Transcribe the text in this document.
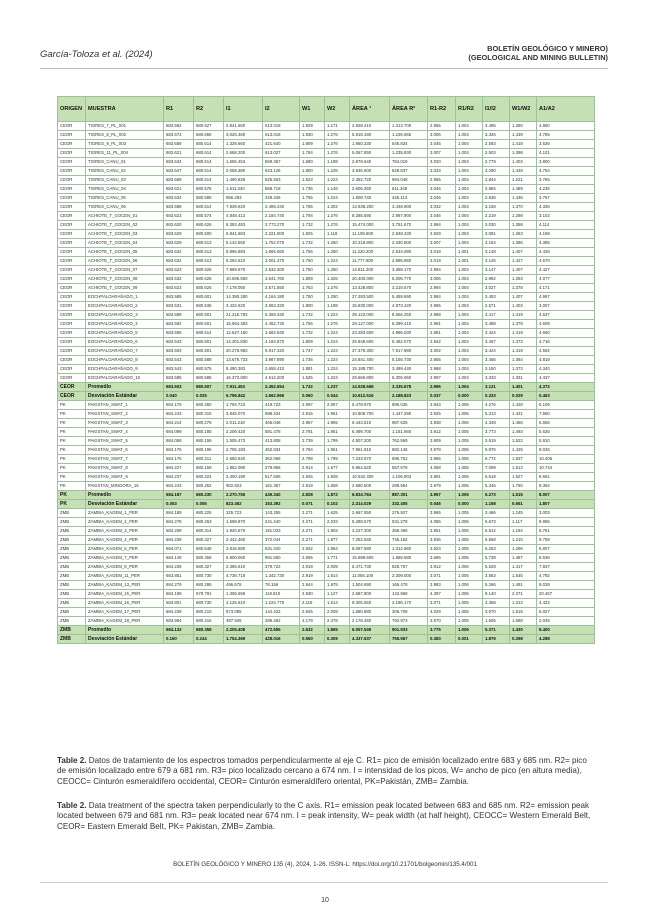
García-Toloza et al. (2024)
BOLETÍN GEOLÓGICO Y MINERO)
(GEOLOGICAL AND MINING BULLETIN)
ORIGEN	MUESTRA	R1	R2	I1	I2	W1	W2	ÁREA ¹	ÁREA R²	R1-R2	R1/R2	I1/I2	W1/W2	A1/A2
CEOR	TIGRES_7_PL_001	683.582	680.627	2.841.650	613.018	1.829	1.171	4.828.410	1.313.700	2.955	1.004	3.495	1.280	4.860
CEOR	TIGRES_8_PL_002	683.672	680.666	3.025.460	613.018	1.830	1.276	5.918.190	1.236.665	3.006	1.004	3.326	1.439	4.785
CEOR	TIGRES_9_PL_003	683.658	680.614	1.329.660	421.640	1.809	1.276	1.960.330	545.834	3.045	1.004	2.593	1.418	3.636
CEOR	TIGRES_11_PL_004	683.621	680.614	2.668.200	613.027	1.784	1.276	5.067.850	1.235.830	3.007	1.004	2.503	1.398	4.101
CEOR	TIGRES_CANU_01	683.634	680.614	1.665.453	669.367	1.680	1.198	2.978.640	784.019	3.020	1.004	2.779	1.403	3.800
CEOR	TIGRES_CANU_02	683.647	680.614	2.059.380	623.126	1.800	1.226	3.946.600	829.537	3.033	1.004	3.290	1.448	4.754
CEOR	TIGRES_CANU_03	683.668	680.614	1.490.828	625.503	1.623	1.224	2.392.720	694.048	2.955	1.004	2.844	1.221	3.765
CEOR	TIGRES_CANU_04	683.621	680.575	1.611.240	558.718	1.736	1.146	2.606.250	611.348	3.046	1.004	2.884	1.489	4.235
CEOR	TIGRES_CANU_05	683.634	680.588	956.283	229.346	1.755	1.224	1.608.740	425.113	3.046	1.004	2.636	1.436	3.767
CEOR	TIGRES_CANU_06	683.688	680.614	7.939.620	2.489.240	1.785	1.302	14.938.200	3.448.900	3.032	1.004	3.168	1.370	4.326
CEOR	ACHIOTE_T_GOCEN_01	683.623	680.574	4.848.413	2.184.740	1.794	1.276	9.285.590	2.987.900	3.046	1.004	2.219	1.298	3.102
CEOR	ACHIOTE_T_GOCEN_02	683.620	680.626	8.393.483	2.773.270	1.732	1.276	15.474.000	3.751.670	2.994	1.004	3.030	1.358	4.114
CEOR	ACHIOTE_T_GOCEN_03	683.629	680.600	6.841.683	2.221.000	1.825	1.118	11.108.600	2.848.430	2.929	1.004	3.081	1.363	4.198
CEOR	ACHIOTE_T_GOCEN_04	683.629	680.613	5.142.550	1.752.070	1.732	1.250	10.218.800	2.330.600	3.007	1.004	3.164	1.386	4.385
CEOR	ACHIOTE_T_GOCEN_05	683.632	680.613	5.896.893	1.665.060	1.756	1.250	11.220.200	2.534.090	3.019	1.001	3.148	1.407	4.428
CEOR	ACHIOTE_T_GOCEN_06	683.632	680.613	6.294.610	2.001.370	1.750	1.224	11.777.800	2.896.850	3.019	1.001	3.145	1.427	4.570
CEOR	ACHIOTE_T_GOCEN_07	683.623	680.626	7.869.670	2.532.200	1.750	1.250	14.811.200	3.368.170	2.994	1.004	3.147	1.407	4.427
CEOR	ACHIOTE_T_GOCEN_08	683.632	680.626	10.596.550	3.641.760	1.809	1.326	20.400.000	5.006.770	3.006	1.004	2.992	1.363	4.077
CEOR	ACHIOTE_T_GOCEN_09	683.623	680.626	7.178.050	2.571.550	1.763	1.276	13.428.800	3.219.570	2.994	1.004	3.027	1.378	4.171
CEOR	EOCHPALOARAÑADO_1	683.585	680.601	14.380.280	4.164.180	1.750	1.250	27.283.500	5.459.690	2.984	1.004	3.453	1.407	4.997
CEOR	EOCHPALOARAÑADO_2	683.531	680.536	3.422.620	3.653.320	1.800	1.198	15.830.000	4.873.420	2.995	1.004	2.571	1.403	3.007
CEOR	EOCHPALOARAÑADO_3	683.589	680.601	21.215.783	6.359.340	1.732	1.224	39.123.000	8.556.250	2.988	1.004	3.417	1.419	4.637
CEOR	EOCHPALOARAÑADO_4	683.582	680.601	15.564.483	4.452.740	1.756	1.276	29.127.000	6.399.410	2.981	1.004	3.488	1.378	4.608
CEOR	EOCHPALOARAÑADO_5	683.595	680.614	12.627.150	3.682.840	1.732	1.224	23.283.600	4.996.030	2.981	1.004	3.424	1.419	4.660
CEOR	EOCHPALOARAÑADO_6	683.543	680.601	14.301.830	4.184.870	1.809	1.224	25.848.600	5.482.070	2.942	1.004	3.457	1.373	4.716
CEOR	EOCHPALOARAÑADO_7	683.603	680.601	20.276.983	5.917.320	1.747	1.224	37.379.300	7.917.980	3.002	1.004	3.424	1.419	4.592
CEOR	EOCHPALOARAÑADO_8	683.543	680.588	13.676.733	3.987.890	1.736	1.224	24.841.400	5.155.730	2.955	1.004	3.456	1.384	4.818
CEOR	EOCHPALOARAÑADO_9	683.543	680.575	8.490.383	2.658.410	1.881	1.224	15.188.700	3.499.440	2.968	1.004	3.160	1.373	4.340
CEOR	EOCHPALOARAÑADO_10	683.585	680.588	16.373.800	4.612.200	1.625	1.224	29.666.800	6.306.060	2.997	1.004	3.333	1.331	4.437
CEOR	Promedio	683.603	680.607	7.911.453	2.452.654	1.732	1.237	14.528.668	3.335.678	2.996	1.004	3.121	1.401	4.372
CEOR	Desviación Estándar	0.040	0.025	5.796.842	1.662.966	0.060	0.044	10.612.516	2.188.823	0.037	0.000	0.333	0.029	0.463
PK	PAKISTAN_SWAT_1	684.179	680.260	1.794.723	419.723	2.997	2.067	5.478.970	896.035	3.943	1.006	4.276	1.428	6.106
PK	PAKISTAN_SWAT_2	684.243	680.315	3.845.070	688.334	2.915	1.961	10.808.700	1.447.290	3.925	1.006	5.313	1.421	7.550
PK	PAKISTAN_SWAT_3	684.214	680.276	2.011.218	465.048	2.957	1.965	6.443.510	987.628	3.938	1.006	4.348	1.466	6.556
PK	PAKISTAN_SWAT_4	684.099	680.185	2.206.420	581.478	2.791	1.951	6.499.700	1.151.660	3.912	1.005	3.773	1.493	5.625
PK	PAKISTAN_SWAT_5	684.068	680.159	1.505.473	413.808	2.739	1.799	4.507.200	762.569	3.909	1.005	3.619	1.522	5.910
PK	PAKISTAN_SWAT_6	684.176	680.196	2.706.183	452.834	2.794	1.961	7.961.810	882.146	3.979	1.006	5.976	1.425	9.026
PK	PAKISTAN_SWAT_7	684.176	680.211	2.650.640	362.068	2.798	1.799	7.233.570	695.752	3.965	1.006	6.772	1.837	10.406
PK	PAKISTAN_SWAT_8	684.227	680.159	1.862.080	279.956	2.914	1.677	5.964.520	557.578	4.068	1.006	7.099	1.513	10.744
PK	PAKISTAN_SWAT_9	684.237	680.224	3.300.190	517.506	2.945	1.928	10.532.400	1.106.903	3.981	1.006	5.618	1.527	8.661
PK	PAKISTAN_MINGORA_16	684.243	680.262	902.823	181.367	2.819	1.658	2.680.500	298.964	3.979	1.006	5.346	1.750	9.364
PK	Promedio	684.187	680.230	2.270.755	449.340	2.828	1.872	6.834.784	887.301	3.957	1.006	5.273	1.515	8.007
PK	Desviación Estándar	0.053	0.055	823.462	153.392	0.071	0.102	2.314.029	332.405	0.046	0.000	1.168	0.651	1.807
ZMB	ZAMBIA_KAGEM_1_PER	684.189	680.225	325.723	143.255	2.271	1.625	2.667.550	276.927	3.965	1.005	3.466	1.245	3.003
ZMB	ZAMBIA_KAGEM_2_PER	684.278	680.263	1.598.870	241.440	2.271	2.033	5.288.570	531.278	4.086	1.006	6.673	1.117	9.955
ZMB	ZAMBIA_KAGEM_3_PER	684.269	680.314	1.920.670	191.033	2.271	1.903	3.227.300	358.466	3.951	1.006	5.612	1.194	8.761
ZMB	ZAMBIA_KAGEM_4_PER	684.239	680.327	2.442.460	372.044	2.271	1.877	7.252.540	745.182	3.936	1.006	6.568	1.210	9.758
ZMB	ZAMBIA_KAGEM_6_PER	684.071	680.548	3.816.680	631.340	2.932	1.964	8.087.580	1.312.960	3.523	1.005	5.253	1.296	6.807
ZMB	ZAMBIA_KAGEM_7_PER	684.149	680.458	5.800.060	991.650	2.695	1.771	15.998.500	1.859.580	3.686	1.005	5.738	1.487	8.636
ZMB	ZAMBIA_KAGEM_8_PER	684.239	680.327	2.365.610	379.722	2.919	2.009	6.471.730	825.767	3.912	1.006	5.628	1.417	7.837
ZMB	ZAMBIA_KAGEM_11_PER	683.881	680.730	4.736.718	1.342.730	2.919	1.614	11.056.100	2.309.000	3.071	1.005	3.563	1.545	4.792
ZMB	ZAMBIA_KAGEM_13_PER	684.279	680.295	496.678	78.156	2.944	1.975	1.504.690	166.478	3.983	1.006	6.266	1.491	9.038
ZMB	ZAMBIA_KAGEM_15_PER	684.189	679.791	1.306.659	119.910	2.930	1.127	2.687.800	143.868	4.397	1.006	9.140	2.271	20.467
ZMB	ZAMBIA_KAGEM_16_PER	683.801	680.730	4.125.610	1.224.770	2.119	1.614	9.305.550	2.196.170	3.071	1.005	3.368	1.313	4.422
ZMB	ZAMBIA_KAGEM_17_PER	684.239	680.210	573.085	144.422	2.845	2.008	1.580.880	306.708	4.029	1.006	3.970	1.518	6.027
ZMB	ZAMBIA_KAGEM_18_PER	683.984	680.416	487.505	289.462	4.179	2.478	2.178.450	792.973	3.570	1.005	1.606	1.688	2.045
ZMB	Promedio	684.132	680.358	2.205.408	472.655	2.632	1.865	6.057.549	901.933	3.775	1.006	5.371	1.430	8.400
ZMB	Desviación Estándar	0.160	0.244	1.754.369	428.016	0.550	0.309	4.337.637	755.567	0.383	0.001	1.879	0.298	4.288
Table 2. Datos de tratamiento de los espectros tomados perpendicularmente al eje C. R1= pico de emisión localizado entre 683 y 685 nm. R2= pico de emisión localizado entre 679 a 681 nm. R3= pico localizado cercano a 674 nm. I = intensidad de los picos, W= ancho de pico (en altura media), CEOCC= Cinturón esmeraldífero occidental, CEOR= Cinturón esmeraldífero oriental, PK=Pakistán, ZMB= Zambia.
Table 2. Data treatment of the spectra taken perpendicularly to the C axis. R1= emission peak located between 683 and 685 nm. R2= emission peak located between 679 and 681 nm. R3= peak located near 674 nm. I = peak intensity, W= peak width (at half height), CEOCC= Western Emerald Belt, CEOR= Eastern Emerald Belt, PK= Pakistan, ZMB= Zambia.
BOLETÍN GEOLÓGICO Y MINERO 135 (4), 2024, 1-26. ISSN-L: https://doi.org/10.21701/bolgeomin/135.4/001
10
